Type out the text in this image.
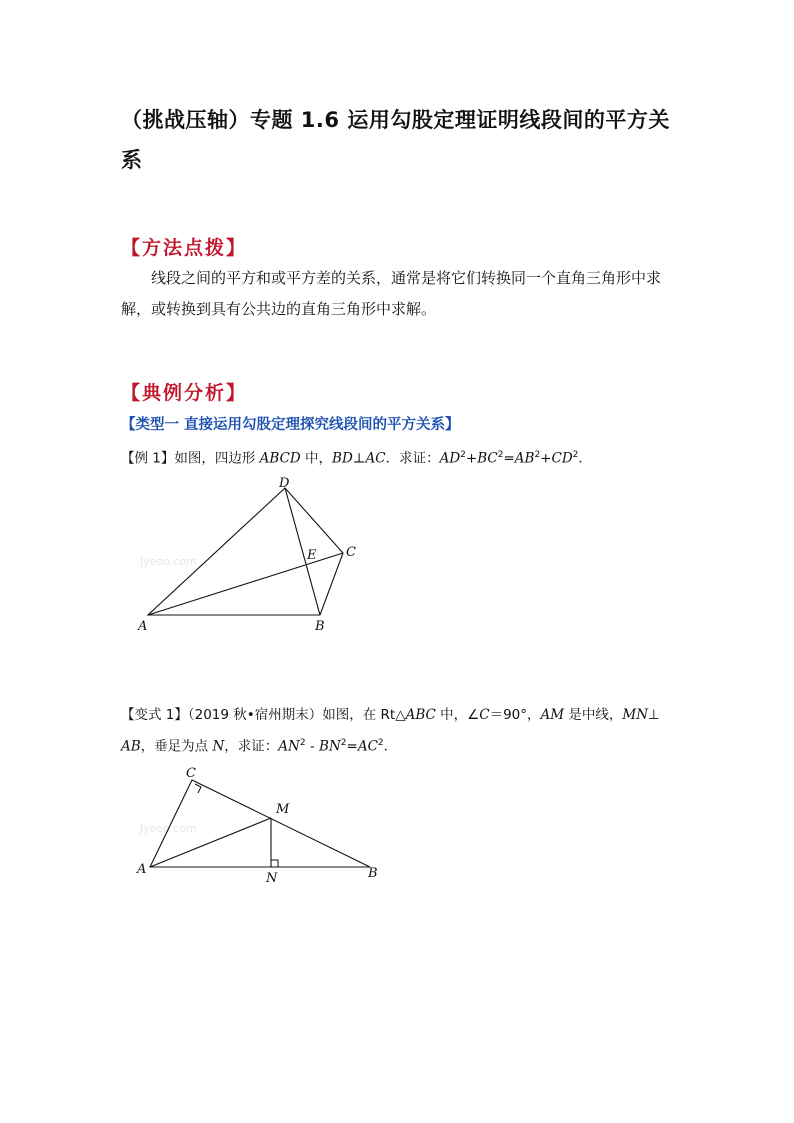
（挑战压轴）专题 1.6 运用勾股定理证明线段间的平方关
系
【方法点拨】
线段之间的平方和或平方差的关系，通常是将它们转换同一个直角三角形中求解，或转换到具有公共边的直角三角形中求解。
【典例分析】
【类型一 直接运用勾股定理探究线段间的平方关系】
【例 1】如图，四边形 ABCD 中，BD⊥AC．求证：$AD^2+BC^2=AB^2+CD^2$．
Jyeoo.com
A	B
C
D
E
【变式 1】（2019 秋•宿州期末）如图，在 Rt△ABC 中，∠C＝90°，AM 是中线，MN⊥
AB，垂足为点 N，求证：$AN^2 - BN^2=AC^2$．
Jyeoo.com
A	B
C
M
N
